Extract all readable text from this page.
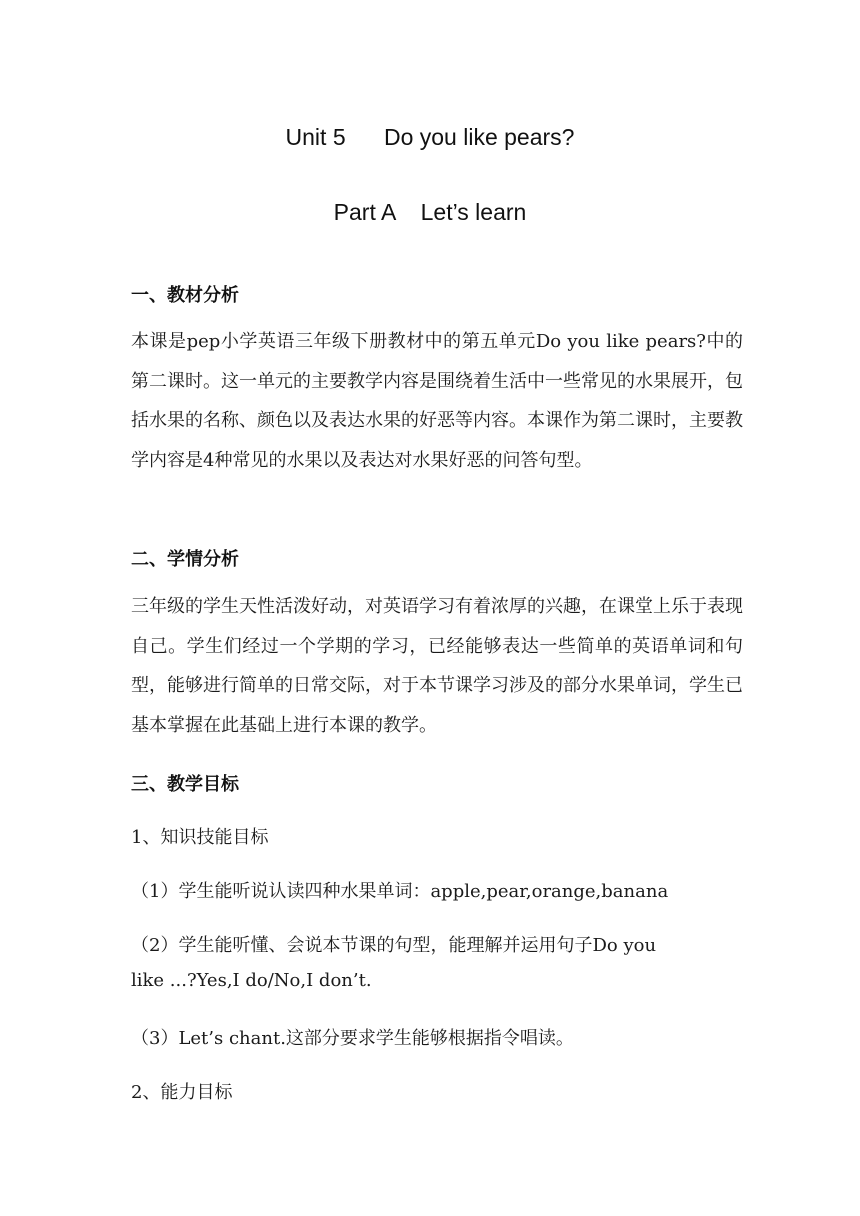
Unit 5      Do you like pears?
Part A    Let’s learn
一、教材分析
本课是pep小学英语三年级下册教材中的第五单元Do you like pears?中的第二课时。这一单元的主要教学内容是围绕着生活中一些常见的水果展开，包括水果的名称、颜色以及表达水果的好恶等内容。本课作为第二课时，主要教学内容是4种常见的水果以及表达对水果好恶的问答句型。
二、学情分析
三年级的学生天性活泼好动，对英语学习有着浓厚的兴趣，在课堂上乐于表现自己。学生们经过一个学期的学习，已经能够表达一些简单的英语单词和句型，能够进行简单的日常交际，对于本节课学习涉及的部分水果单词，学生已基本掌握在此基础上进行本课的教学。
三、教学目标
1、知识技能目标
（1）学生能听说认读四种水果单词：apple,pear,orange,banana
（2）学生能听懂、会说本节课的句型，能理解并运用句子Do you
like ...?Yes,I do/No,I don’t.
（3）Let’s chant.这部分要求学生能够根据指令唱读。
2、能力目标
